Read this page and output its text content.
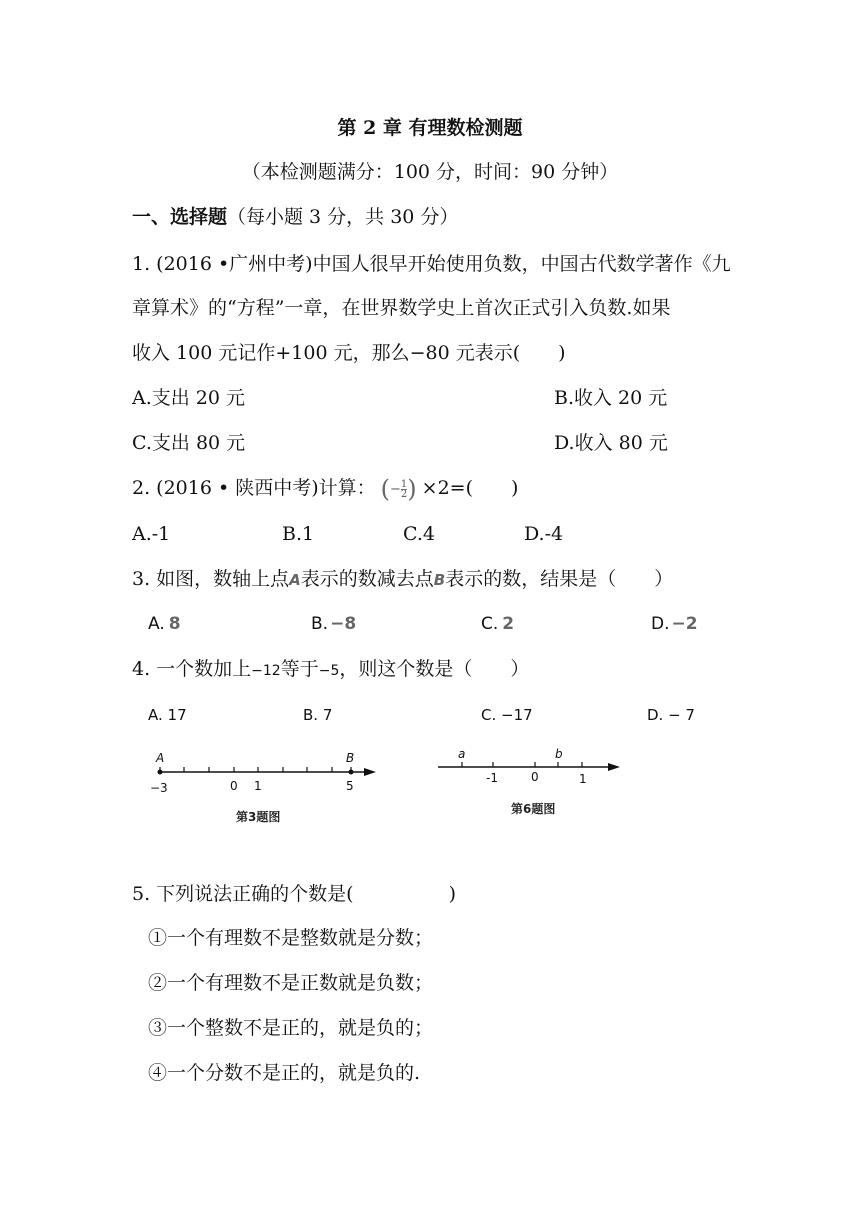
第 2 章 有理数检测题
（本检测题满分：100 分，时间：90 分钟）
一、选择题（每小题 3 分，共 30 分）
1. (2016 •广州中考)中国人很早开始使用负数，中国古代数学著作《九
章算术》的“方程”一章，在世界数学史上首次正式引入负数.如果
收入 100 元记作+100 元，那么−80 元表示(　　)
A.支出 20 元	B.收入 20 元
C.支出 80 元	D.收入 80 元
2. (2016 • 陕西中考)计算： (− $\frac{1}{2}$ ) ×2=(　　)
A.-1	B.1	C.4	D.-4
3. 如图，数轴上点A表示的数减去点B表示的数，结果是（　　）
A. 8	B. −8	C. 2	D. −2
4. 一个数加上−12等于−5，则这个数是（　　）
A. 17	B. 7	C. −17	D. − 7
A	B
−3	0 1	5
第3题图
a	b
-1	0	1
第6题图
5. 下列说法正确的个数是(　　　　　)
①一个有理数不是整数就是分数；
②一个有理数不是正数就是负数；
③一个整数不是正的，就是负的；
④一个分数不是正的，就是负的.
